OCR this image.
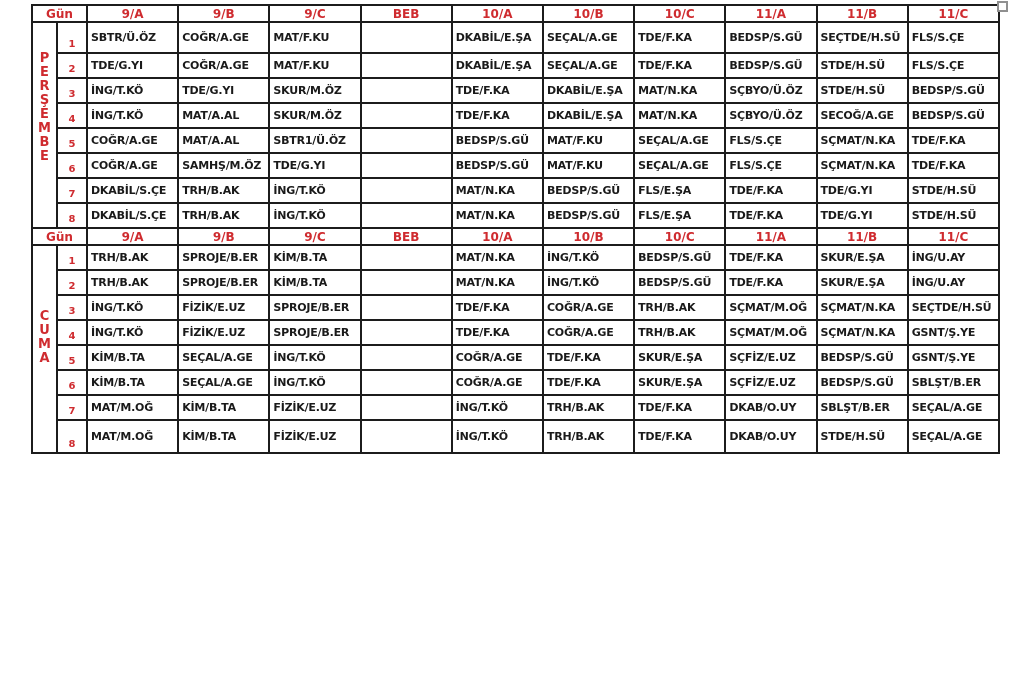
Gün		9/A	9/B	9/C	BEB	10/A	10/B	10/C	11/A	11/B	11/C

P
E
R
Ş
E
M
B
E
	1	SBTR/Ü.ÖZ	COĞR/A.GE	MAT/F.KU		DKABİL/E.ŞA	SEÇAL/A.GE	TDE/F.KA	BEDSP/S.GÜ	SEÇTDE/H.SÜ	FLS/S.ÇE
	2	TDE/G.YI	COĞR/A.GE	MAT/F.KU		DKABİL/E.ŞA	SEÇAL/A.GE	TDE/F.KA	BEDSP/S.GÜ	STDE/H.SÜ	FLS/S.ÇE
	3	İNG/T.KÖ	TDE/G.YI	SKUR/M.ÖZ		TDE/F.KA	DKABİL/E.ŞA	MAT/N.KA	SÇBYO/Ü.ÖZ	STDE/H.SÜ	BEDSP/S.GÜ
	4	İNG/T.KÖ	MAT/A.AL	SKUR/M.ÖZ		TDE/F.KA	DKABİL/E.ŞA	MAT/N.KA	SÇBYO/Ü.ÖZ	SECOĞ/A.GE	BEDSP/S.GÜ
	5	COĞR/A.GE	MAT/A.AL	SBTR1/Ü.ÖZ		BEDSP/S.GÜ	MAT/F.KU	SEÇAL/A.GE	FLS/S.ÇE	SÇMAT/N.KA	TDE/F.KA
	6	COĞR/A.GE	SAMHŞ/M.ÖZ	TDE/G.YI		BEDSP/S.GÜ	MAT/F.KU	SEÇAL/A.GE	FLS/S.ÇE	SÇMAT/N.KA	TDE/F.KA
	7	DKABİL/S.ÇE	TRH/B.AK	İNG/T.KÖ		MAT/N.KA	BEDSP/S.GÜ	FLS/E.ŞA	TDE/F.KA	TDE/G.YI	STDE/H.SÜ
	8	DKABİL/S.ÇE	TRH/B.AK	İNG/T.KÖ		MAT/N.KA	BEDSP/S.GÜ	FLS/E.ŞA	TDE/F.KA	TDE/G.YI	STDE/H.SÜ
Gün		9/A	9/B	9/C	BEB	10/A	10/B	10/C	11/A	11/B	11/C

C
U
M
A	1	TRH/B.AK	SPROJE/B.ER	KİM/B.TA		MAT/N.KA	İNG/T.KÖ	BEDSP/S.GÜ	TDE/F.KA	SKUR/E.ŞA	İNG/U.AY
	2	TRH/B.AK	SPROJE/B.ER	KİM/B.TA		MAT/N.KA	İNG/T.KÖ	BEDSP/S.GÜ	TDE/F.KA	SKUR/E.ŞA	İNG/U.AY
	3	İNG/T.KÖ	FİZİK/E.UZ	SPROJE/B.ER		TDE/F.KA	COĞR/A.GE	TRH/B.AK	SÇMAT/M.OĞ	SÇMAT/N.KA	SEÇTDE/H.SÜ
	4	İNG/T.KÖ	FİZİK/E.UZ	SPROJE/B.ER		TDE/F.KA	COĞR/A.GE	TRH/B.AK	SÇMAT/M.OĞ	SÇMAT/N.KA	GSNT/Ş.YE
	5	KİM/B.TA	SEÇAL/A.GE	İNG/T.KÖ		COĞR/A.GE	TDE/F.KA	SKUR/E.ŞA	SÇFİZ/E.UZ	BEDSP/S.GÜ	GSNT/Ş.YE
	6	KİM/B.TA	SEÇAL/A.GE	İNG/T.KÖ		COĞR/A.GE	TDE/F.KA	SKUR/E.ŞA	SÇFİZ/E.UZ	BEDSP/S.GÜ	SBLŞT/B.ER
	7	MAT/M.OĞ	KİM/B.TA	FİZİK/E.UZ		İNG/T.KÖ	TRH/B.AK	TDE/F.KA	DKAB/O.UY	SBLŞT/B.ER	SEÇAL/A.GE
	8	MAT/M.OĞ	KİM/B.TA	FİZİK/E.UZ		İNG/T.KÖ	TRH/B.AK	TDE/F.KA	DKAB/O.UY	STDE/H.SÜ	SEÇAL/A.GE
